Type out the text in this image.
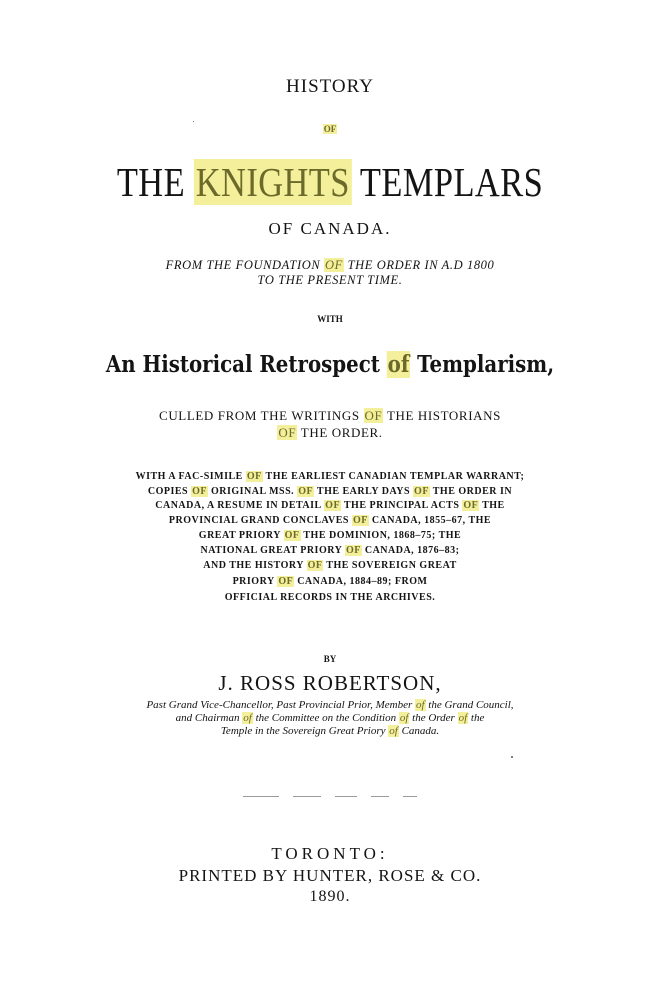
HISTORY
OF
THE KNIGHTS TEMPLARS
OF CANADA.
FROM THE FOUNDATION OF THE ORDER IN A.D 1800
TO THE PRESENT TIME.
WITH
An Historical Retrospect of Templarism,
CULLED FROM THE WRITINGS OF THE HISTORIANS
OF THE ORDER.
WITH A FAC-SIMILE OF THE EARLIEST CANADIAN TEMPLAR WARRANT;
COPIES OF ORIGINAL MSS. OF THE EARLY DAYS OF THE ORDER IN
CANADA, A RESUME IN DETAIL OF THE PRINCIPAL ACTS OF THE
PROVINCIAL GRAND CONCLAVES OF CANADA, 1855–67, THE
GREAT PRIORY OF THE DOMINION, 1868–75; THE
NATIONAL GREAT PRIORY OF CANADA, 1876–83;
AND THE HISTORY OF THE SOVEREIGN GREAT
PRIORY OF CANADA, 1884–89; FROM
OFFICIAL RECORDS IN THE ARCHIVES.
BY
J. ROSS ROBERTSON,
Past Grand Vice-Chancellor, Past Provincial Prior, Member of the Grand Council,
and Chairman of the Committee on the Condition of the Order of the
Temple in the Sovereign Great Priory of Canada.

TORONTO:
PRINTED BY HUNTER, ROSE & CO.
1890.
